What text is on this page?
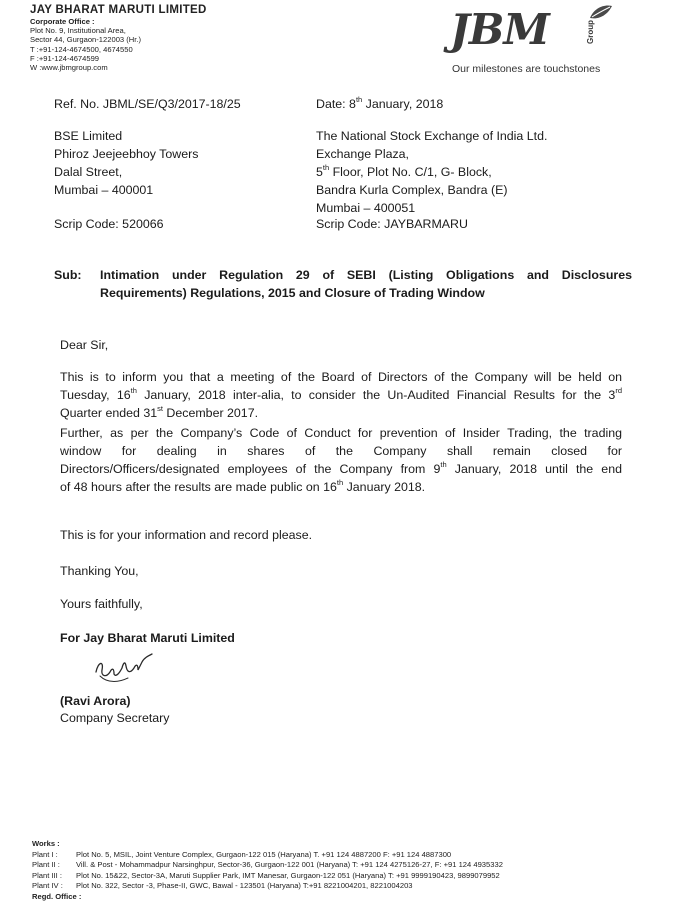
JAY BHARAT MARUTI LIMITED
Corporate Office :
Plot No. 9, Institutional Area,
Sector 44, Gurgaon-122003 (Hr.)
T :+91-124-4674500, 4674550
F :+91-124-4674599
W :www.jbmgroup.com
JBM	Group
Our milestones are touchstones
Ref. No. JBML/SE/Q3/2017-18/25	Date: 8th January, 2018
BSE Limited
Phiroz Jeejeebhoy Towers
Dalal Street,
Mumbai – 400001
The National Stock Exchange of India Ltd.
Exchange Plaza,
5th Floor, Plot No. C/1, G- Block,
Bandra Kurla Complex, Bandra (E)
Mumbai – 400051
Scrip Code: 520066	Scrip Code: JAYBARMARU
Sub: Intimation under Regulation 29 of SEBI (Listing Obligations and Disclosures
Requirements) Regulations, 2015 and Closure of Trading Window
Dear Sir,
This is to inform you that a meeting of the Board of Directors of the Company will be held on
Tuesday, 16th January, 2018 inter-alia, to consider the Un-Audited Financial Results for the 3rd
Quarter ended 31st December 2017.
Further, as per the Company’s Code of Conduct for prevention of Insider Trading, the trading
window for dealing in shares of the Company shall remain closed for
Directors/Officers/designated employees of the Company from 9th January, 2018 until the end
of 48 hours after the results are made public on 16th January 2018.
This is for your information and record please.
Thanking You,
Yours faithfully,
For Jay Bharat Maruti Limited
(Ravi Arora)
Company Secretary
Works :
Plant I : Plot No. 5, MSIL, Joint Venture Complex, Gurgaon-122 015 (Haryana) T. +91 124 4887200 F: +91 124 4887300
Plant II : Vill. & Post - Mohammadpur Narsinghpur, Sector-36, Gurgaon-122 001 (Haryana) T: +91 124 4275126-27, F: +91 124 4935332
Plant III : Plot No. 15&22, Sector-3A, Maruti Supplier Park, IMT Manesar, Gurgaon-122 051 (Haryana) T: +91 9999190423, 9899079952
Plant IV : Plot No. 322, Sector -3, Phase-II, GWC, Bawal - 123501 (Haryana) T:+91 8221004201, 8221004203
Regd. Office :
